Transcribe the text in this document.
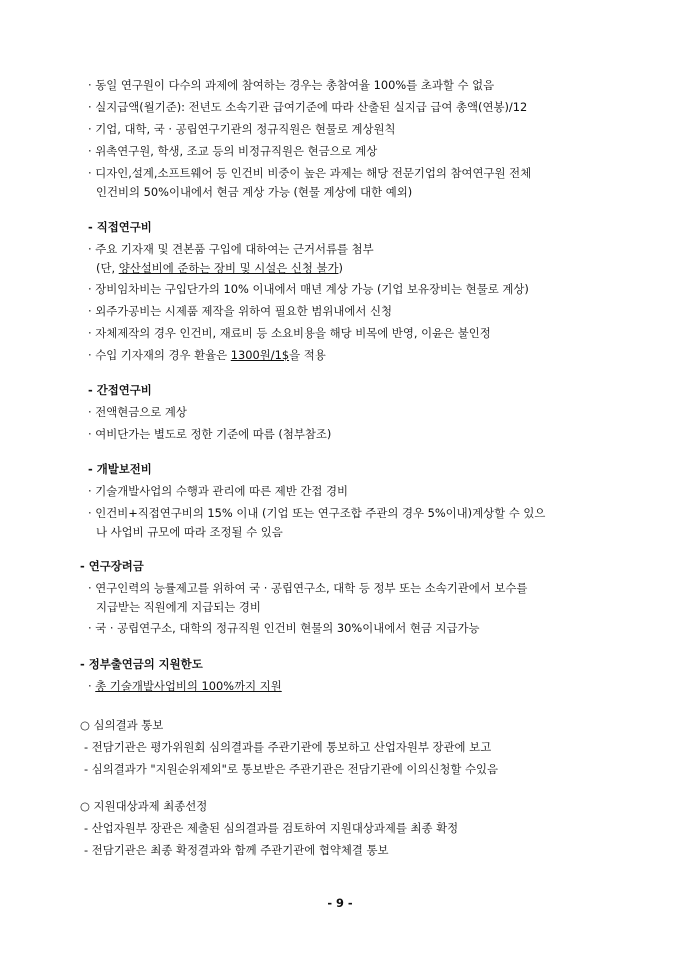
· 동일 연구원이 다수의 과제에 참여하는 경우는 총참여율 100%를 초과할 수 없음
· 실지급액(월기준): 전년도 소속기관 급여기준에 따라 산출된 실지급 급여 총액(연봉)/12
· 기업, 대학, 국 · 공립연구기관의 정규직원은 현물로 계상원칙
· 위촉연구원, 학생, 조교 등의 비정규직원은 현금으로 계상
· 디자인,설계,소프트웨어 등 인건비 비중이 높은 과제는 해당 전문기업의 참여연구원 전체
인건비의 50%이내에서 현금 계상 가능 (현물 계상에 대한 예외)
- 직접연구비
· 주요 기자재 및 견본품 구입에 대하여는 근거서류를 첨부
(단, 양산설비에 준하는 장비 및 시설은 신청 불가)
· 장비임차비는 구입단가의 10% 이내에서 매년 계상 가능 (기업 보유장비는 현물로 계상)
· 외주가공비는 시제품 제작을 위하여 필요한 범위내에서 신청
· 자체제작의 경우 인건비, 재료비 등 소요비용을 해당 비목에 반영, 이윤은 불인정
· 수입 기자재의 경우 환율은 1300원/1$을 적용
- 간접연구비
· 전액현금으로 계상
· 여비단가는 별도로 정한 기준에 따름 (첨부참조)
- 개발보전비
· 기술개발사업의 수행과 관리에 따른 제반 간접 경비
· 인건비+직접연구비의 15% 이내 (기업 또는 연구조합 주관의 경우 5%이내)계상할 수 있으
나 사업비 규모에 따라 조정될 수 있음
- 연구장려금
· 연구인력의 능률제고를 위하여 국 · 공립연구소, 대학 등 정부 또는 소속기관에서 보수를
지급받는 직원에게 지급되는 경비
· 국 · 공립연구소, 대학의 정규직원 인건비 현물의 30%이내에서 현금 지급가능
- 정부출연금의 지원한도
· 총 기술개발사업비의 100%까지 지원
○ 심의결과 통보
- 전담기관은 평가위원회 심의결과를 주관기관에 통보하고 산업자원부 장관에 보고
- 심의결과가 "지원순위제외"로 통보받은 주관기관은 전담기관에 이의신청할 수있음
○ 지원대상과제 최종선정
- 산업자원부 장관은 제출된 심의결과를 검토하여 지원대상과제를 최종 확정
- 전담기관은 최종 확정결과와 함께 주관기관에 협약체결 통보
- 9 -
